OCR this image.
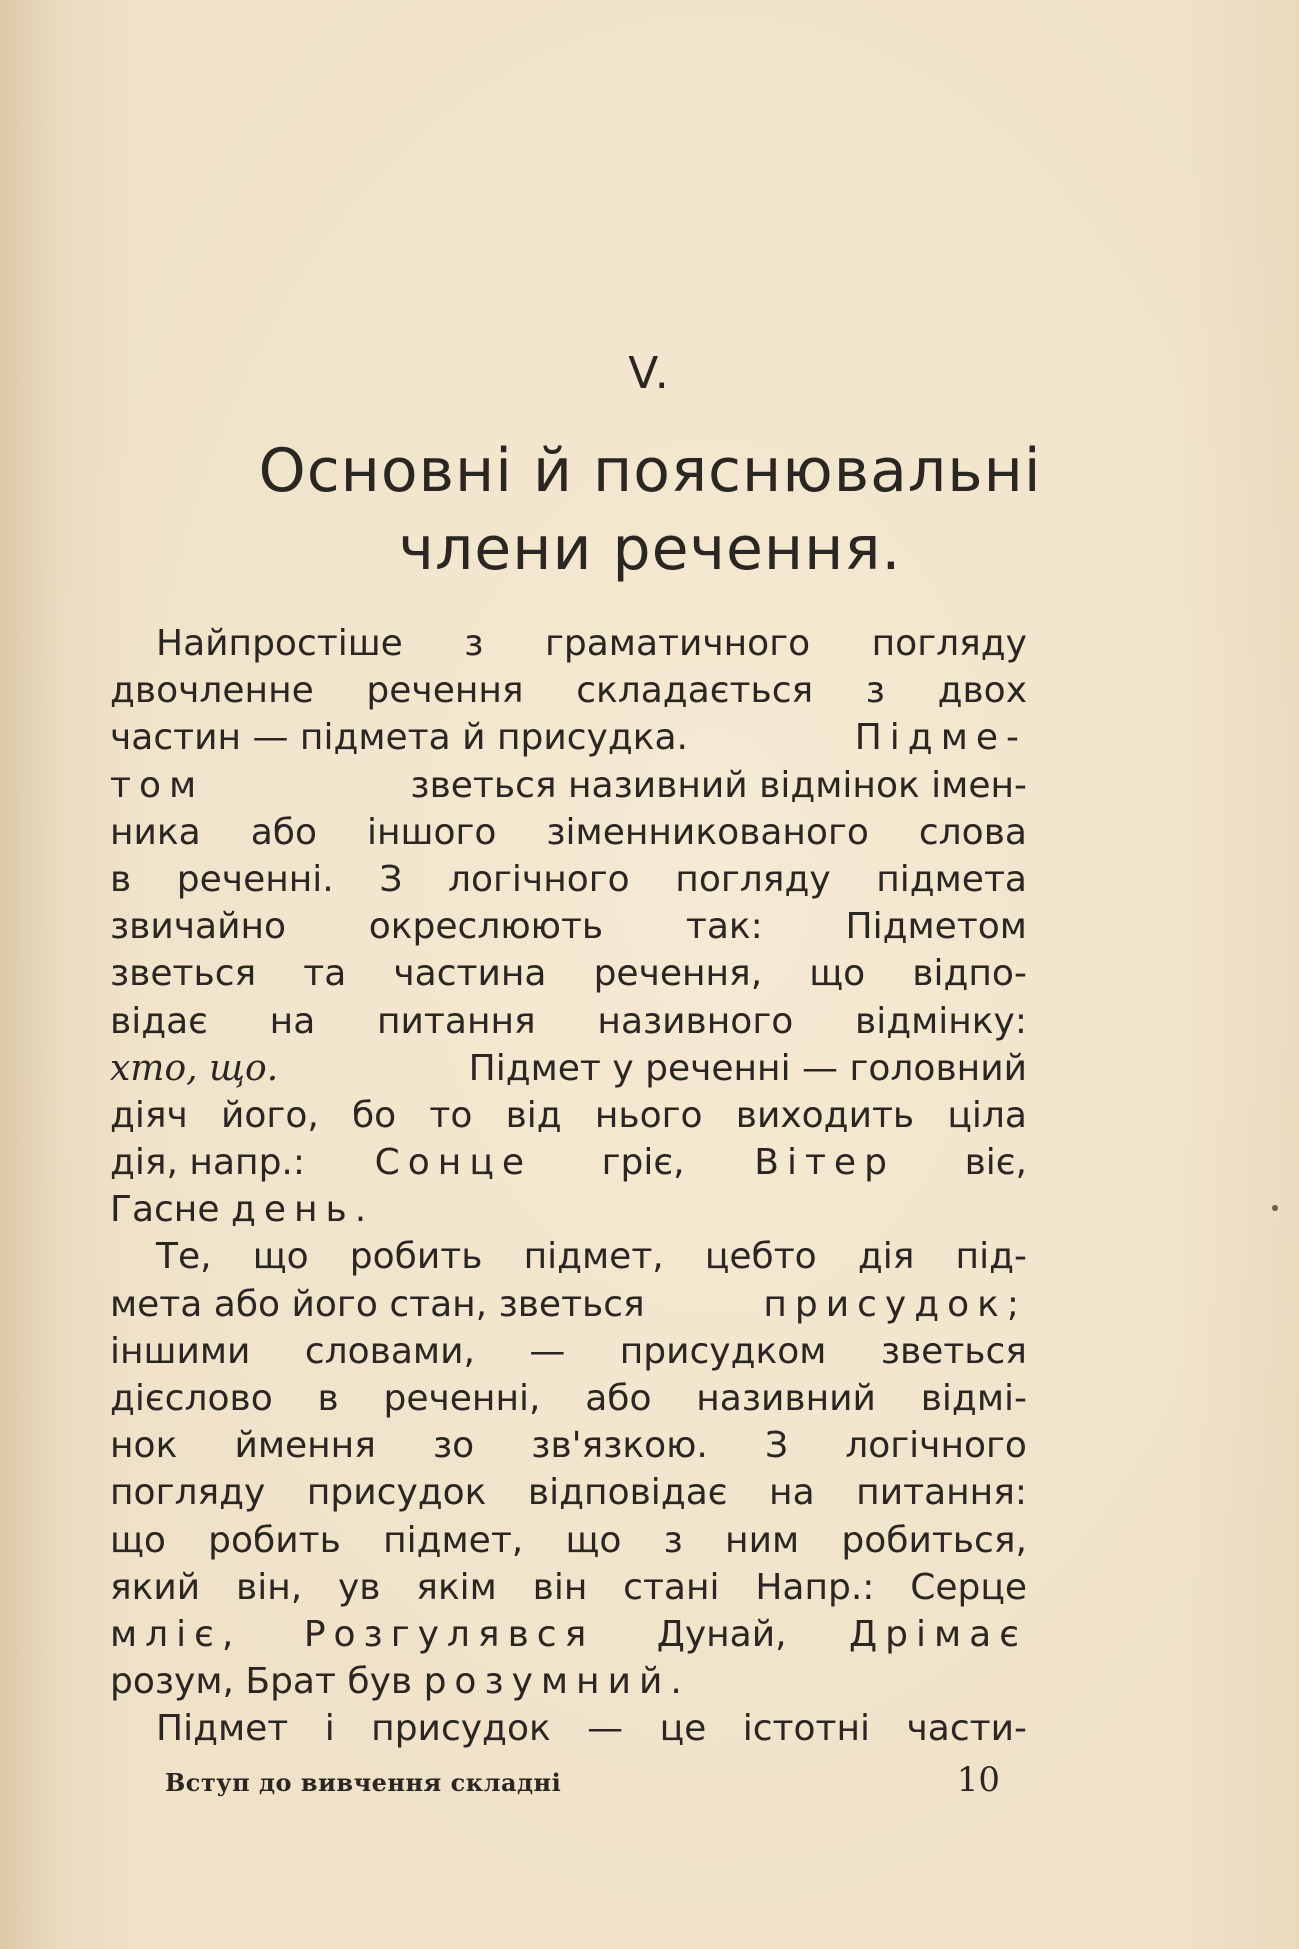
V.
Основні й пояснювальні
члени речення.
Найпростіше з граматичного погляду
двочленне речення складається з двох
частин — підмета й присудка.	Підме-
том	зветься називний відмінок імен-
ника або іншого зіменникованого слова
в реченні. З логічного погляду підмета
звичайно окреслюють так: Підметом
зветься та частина речення, що відпо-
відає на питання називного відмінку:
хто, що.	Підмет у реченні — головний
діяч його, бо то від нього виходить ціла
дія, напр.: Сонце гріє, Вітер віє,
Гасне
день.
Те, що робить підмет, цебто дія під-
мета або його стан, зветься	присудок;
іншими словами, — присудком зветься
дієслово в реченні, або називний відмі-
нок ймення зо зв'язкою. З логічного
погляду присудок відповідає на питання:
що робить підмет, що з ним робиться,
який він, ув якім він стані Напр.: Серце
мліє, Розгулявся Дунай, Дрімає
розум, Брат був
розумний.
Підмет і присудок — це істотні части-
Вступ до вивчення складні	10
